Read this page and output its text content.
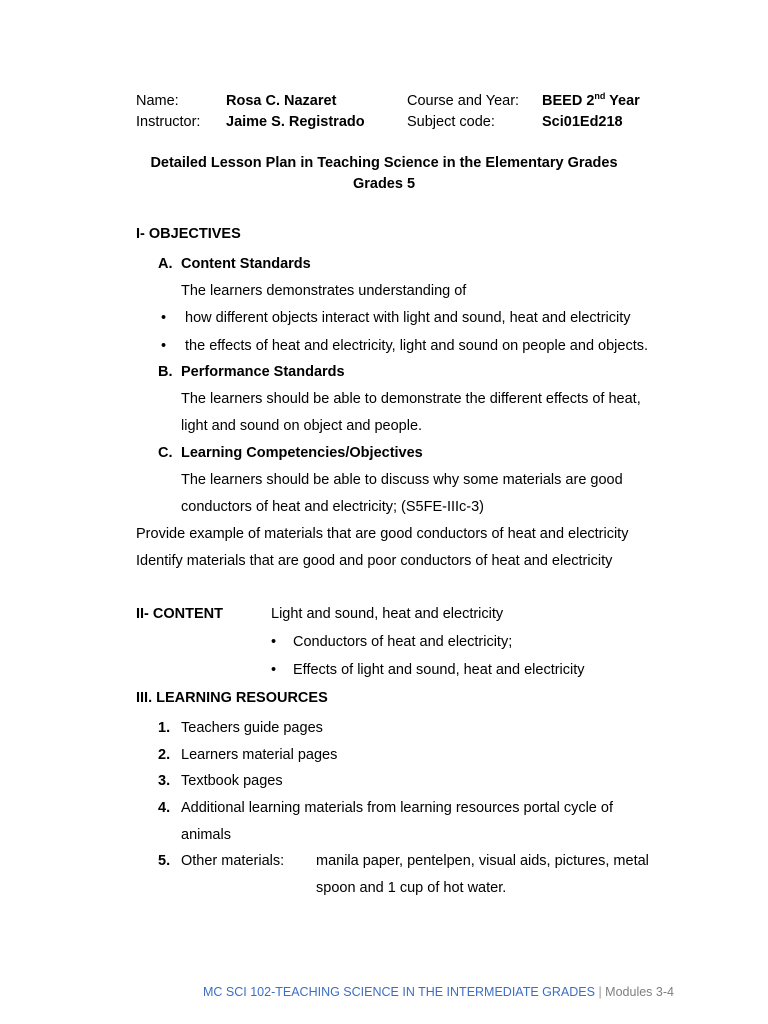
Name:	Rosa C. Nazaret	Course and Year: BEED 2nd Year
Instructor: Jaime S. Registrado	Subject code:	Sci01Ed218
Detailed Lesson Plan in Teaching Science in the Elementary Grades
Grades 5
I- OBJECTIVES
A. Content Standards
The learners demonstrates understanding of
• how different objects interact with light and sound, heat and electricity
• the effects of heat and electricity, light and sound on people and objects.
B. Performance Standards
The learners should be able to demonstrate the different effects of heat,
light and sound on object and people.
C. Learning Competencies/Objectives
The learners should be able to discuss why some materials are good
conductors of heat and electricity; (S5FE-IIIc-3)
Provide example of materials that are good conductors of heat and electricity
Identify materials that are good and poor conductors of heat and electricity
II- CONTENT	Light and sound, heat and electricity
• Conductors of heat and electricity;
• Effects of light and sound, heat and electricity
III. LEARNING RESOURCES
1. Teachers guide pages
2. Learners material pages
3. Textbook pages
4. Additional learning materials from learning resources portal cycle of
animals
5. Other materials: manila paper, pentelpen, visual aids, pictures, metal
spoon and 1 cup of hot water.
MC SCI 102-TEACHING SCIENCE IN THE INTERMEDIATE GRADES | Modules 3-4
